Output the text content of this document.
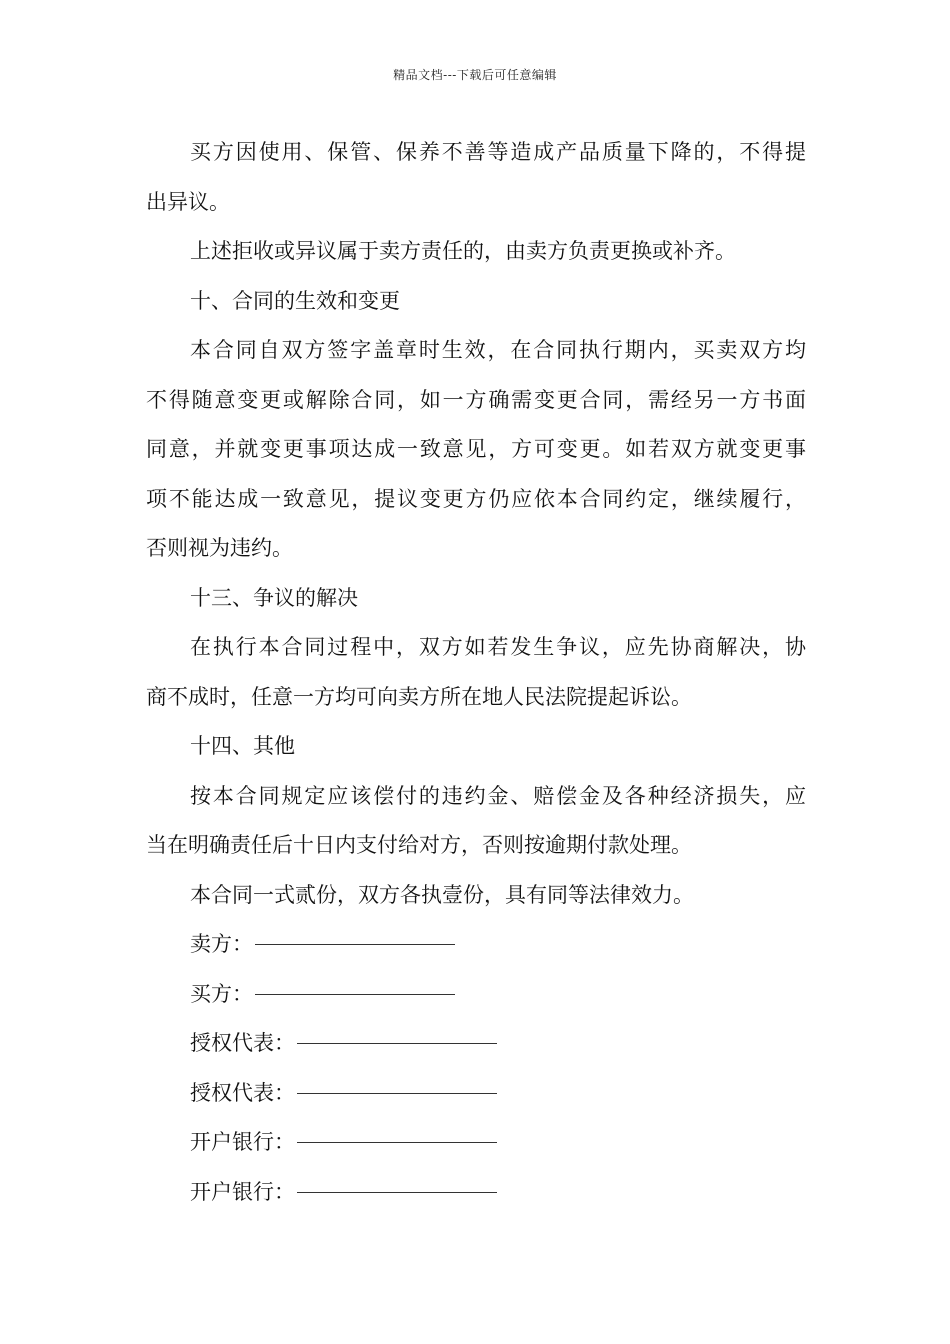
精品文档---下载后可任意编辑
买方因使用、保管、保养不善等造成产品质量下降的，不得提
出异议。
上述拒收或异议属于卖方责任的，由卖方负责更换或补齐。
十、合同的生效和变更
本合同自双方签字盖章时生效，在合同执行期内，买卖双方均
不得随意变更或解除合同，如一方确需变更合同，需经另一方书面
同意，并就变更事项达成一致意见，方可变更。如若双方就变更事
项不能达成一致意见，提议变更方仍应依本合同约定，继续履行，
否则视为违约。
十三、争议的解决
在执行本合同过程中，双方如若发生争议，应先协商解决，协
商不成时，任意一方均可向卖方所在地人民法院提起诉讼。
十四、其他
按本合同规定应该偿付的违约金、赔偿金及各种经济损失，应
当在明确责任后十日内支付给对方，否则按逾期付款处理。
本合同一式贰份，双方各执壹份，具有同等法律效力。
卖方：
买方：
授权代表：
授权代表：
开户银行：
开户银行：
